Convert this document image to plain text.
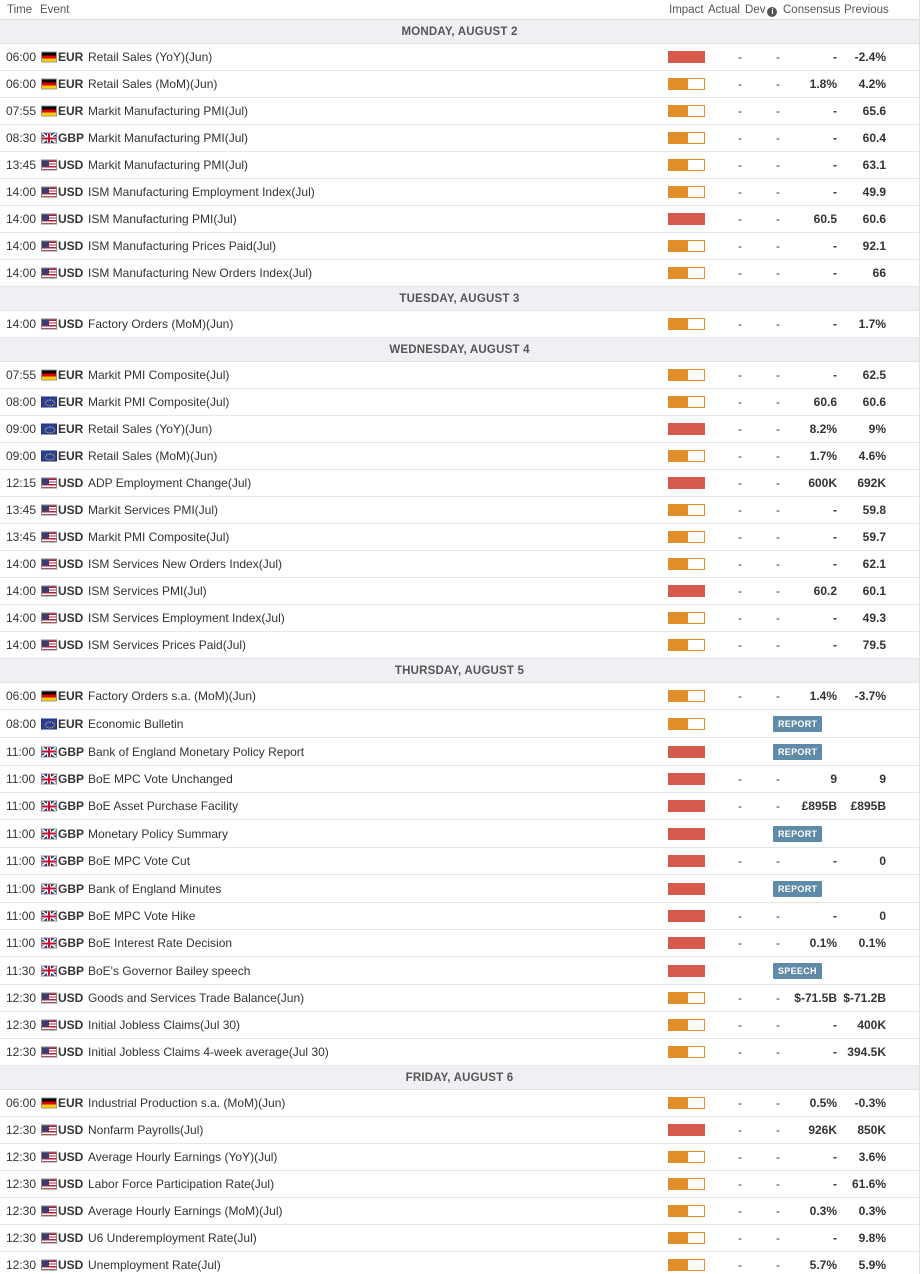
Time Event	Impact Actual Dev i Consensus Previous
MONDAY, AUGUST 2
06:00 EUR Retail Sales (YoY)(Jun)	-	-	- -2.4%
06:00 EUR Retail Sales (MoM)(Jun)	-	- 1.8% 4.2%
07:55 EUR Markit Manufacturing PMI(Jul)	-	-	- 65.6
08:30 GBP Markit Manufacturing PMI(Jul)	-	-	- 60.4
13:45 USD Markit Manufacturing PMI(Jul)	-	-	- 63.1
14:00 USD ISM Manufacturing Employment Index(Jul)	-	-	- 49.9
14:00 USD ISM Manufacturing PMI(Jul)	-	-	60.5 60.6
14:00 USD ISM Manufacturing Prices Paid(Jul)	-	-	- 92.1
14:00 USD ISM Manufacturing New Orders Index(Jul)	-	-	-	66
TUESDAY, AUGUST 3
14:00 USD Factory Orders (MoM)(Jun)	-	-	- 1.7%
WEDNESDAY, AUGUST 4
07:55 EUR Markit PMI Composite(Jul)	-	-	- 62.5
08:00 EUR Markit PMI Composite(Jul)	-	-	60.6 60.6
09:00 EUR Retail Sales (YoY)(Jun)	-	- 8.2%	9%
09:00 EUR Retail Sales (MoM)(Jun)	-	- 1.7% 4.6%
12:15 USD ADP Employment Change(Jul)	-	- 600K 692K
13:45 USD Markit Services PMI(Jul)	-	-	- 59.8
13:45 USD Markit PMI Composite(Jul)	-	-	- 59.7
14:00 USD ISM Services New Orders Index(Jul)	-	-	- 62.1
14:00 USD ISM Services PMI(Jul)	-	-	60.2 60.1
14:00 USD ISM Services Employment Index(Jul)	-	-	- 49.3
14:00 USD ISM Services Prices Paid(Jul)	-	-	- 79.5
THURSDAY, AUGUST 5
06:00 EUR Factory Orders s.a. (MoM)(Jun)	-	- 1.4% -3.7%
08:00 EUR Economic Bulletin	REPORT
11:00 GBP Bank of England Monetary Policy Report	REPORT
11:00 GBP BoE MPC Vote Unchanged	-	-	9	9
11:00 GBP BoE Asset Purchase Facility	-	- £895B £895B
11:00 GBP Monetary Policy Summary	REPORT
11:00 GBP BoE MPC Vote Cut	-	-	-	0
11:00 GBP Bank of England Minutes	REPORT
11:00 GBP BoE MPC Vote Hike	-	-	-	0
11:00 GBP BoE Interest Rate Decision	-	- 0.1% 0.1%
11:30 GBP BoE's Governor Bailey speech	SPEECH
12:30 USD Goods and Services Trade Balance(Jun)	-	- $-71.5B $-71.2B
12:30 USD Initial Jobless Claims(Jul 30)	-	-	- 400K
12:30 USD Initial Jobless Claims 4-week average(Jul 30)	-	-	- 394.5K
FRIDAY, AUGUST 6
06:00 EUR Industrial Production s.a. (MoM)(Jun)	-	- 0.5% -0.3%
12:30 USD Nonfarm Payrolls(Jul)	-	- 926K 850K
12:30 USD Average Hourly Earnings (YoY)(Jul)	-	-	- 3.6%
12:30 USD Labor Force Participation Rate(Jul)	-	-	- 61.6%
12:30 USD Average Hourly Earnings (MoM)(Jul)	-	- 0.3% 0.3%
12:30 USD U6 Underemployment Rate(Jul)	-	-	- 9.8%
12:30 USD Unemployment Rate(Jul)	-	- 5.7% 5.9%
